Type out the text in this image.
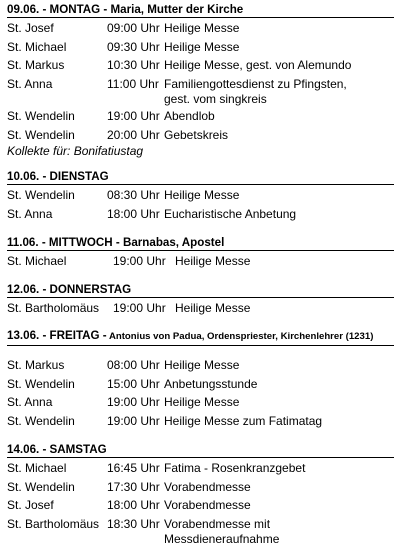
09.06. - MONTAG - Maria, Mutter der Kirche
St. Josef	09:00 Uhr Heilige Messe
St. Michael	09:30 Uhr Heilige Messe
St. Markus	10:30 Uhr Heilige Messe, gest. von Alemundo
St. Anna	11:00 Uhr Familiengottesdienst zu Pfingsten,
gest. vom singkreis
St. Wendelin	19:00 Uhr Abendlob
St. Wendelin	20:00 Uhr Gebetskreis
Kollekte für: Bonifatiustag
10.06. - DIENSTAG
St. Wendelin	08:30 Uhr Heilige Messe
St. Anna	18:00 Uhr Eucharistische Anbetung
11.06. - MITTWOCH - Barnabas, Apostel
St. Michael	19:00 Uhr Heilige Messe
12.06. - DONNERSTAG
St. Bartholomäus 19:00 Uhr Heilige Messe
13.06. - FREITAG - Antonius von Padua, Ordenspriester, Kirchenlehrer (1231)
St. Markus	08:00 Uhr Heilige Messe
St. Wendelin	15:00 Uhr Anbetungsstunde
St. Anna	19:00 Uhr Heilige Messe
St. Wendelin	19:00 Uhr Heilige Messe zum Fatimatag
14.06. - SAMSTAG
St. Michael	16:45 Uhr Fatima - Rosenkranzgebet
St. Wendelin	17:30 Uhr Vorabendmesse
St. Josef	18:00 Uhr Vorabendmesse
St. Bartholomäus 18:30 Uhr Vorabendmesse mit
Messdieneraufnahme
